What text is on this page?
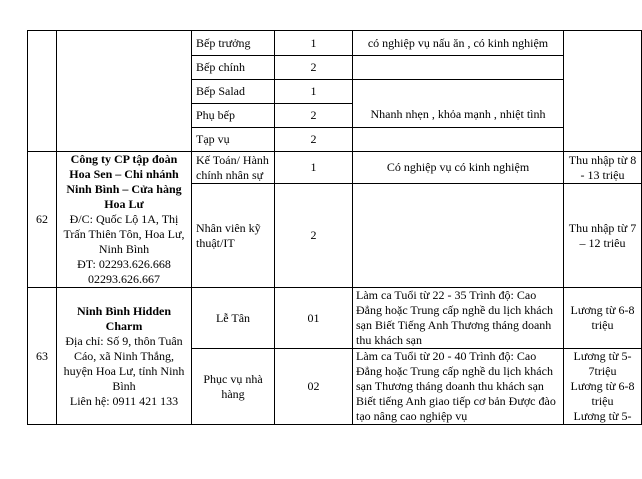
		Bếp trưởng	1	có nghiệp vụ nấu ăn , có kinh nghiệm	
		Bếp chính	2		
		Bếp Salad	1	Nhanh nhẹn , khỏa mạnh , nhiệt tình	
		Phụ bếp	2		
		Tạp vụ	2		
62	Công ty CP tập đoàn Hoa Sen – Chi nhánh Ninh Bình – Cửa hàng Hoa Lư
Đ/C: Quốc Lộ 1A, Thị Trấn Thiên Tôn, Hoa Lư, Ninh Bình
ĐT: 02293.626.668
02293.626.667	Kế Toán/ Hành chính nhân sự	1	Có nghiệp vụ có kinh nghiệm	Thu nhập từ 8 - 13 triệu
		Nhân viên kỹ thuật/IT	2		Thu nhập từ 7 – 12 triêu
63	Ninh Bình Hidden Charm
Địa chỉ: Số 9, thôn Tuân Cáo, xã Ninh Thắng, huyện Hoa Lư, tỉnh Ninh Bình
Liên hệ: 0911 421 133	Lễ Tân	01	Làm ca Tuổi từ 22 - 35 Trình độ: Cao Đẳng hoặc Trung cấp nghề du lịch khách sạn Biết Tiếng Anh Thương tháng doanh thu khách sạn	Lương từ 6-8 triệu
		Phục vụ nhà hàng	02	Làm ca Tuổi từ 20 - 40 Trình độ: Cao Đẳng hoặc Trung cấp nghề du lịch khách sạn Thương tháng doanh thu khách sạn Biết tiếng Anh giao tiếp cơ bản Được đào tạo nâng cao nghiệp vụ	Lương từ 5-7triệu
Lương từ 6-8 triệu
Lương từ 5-
